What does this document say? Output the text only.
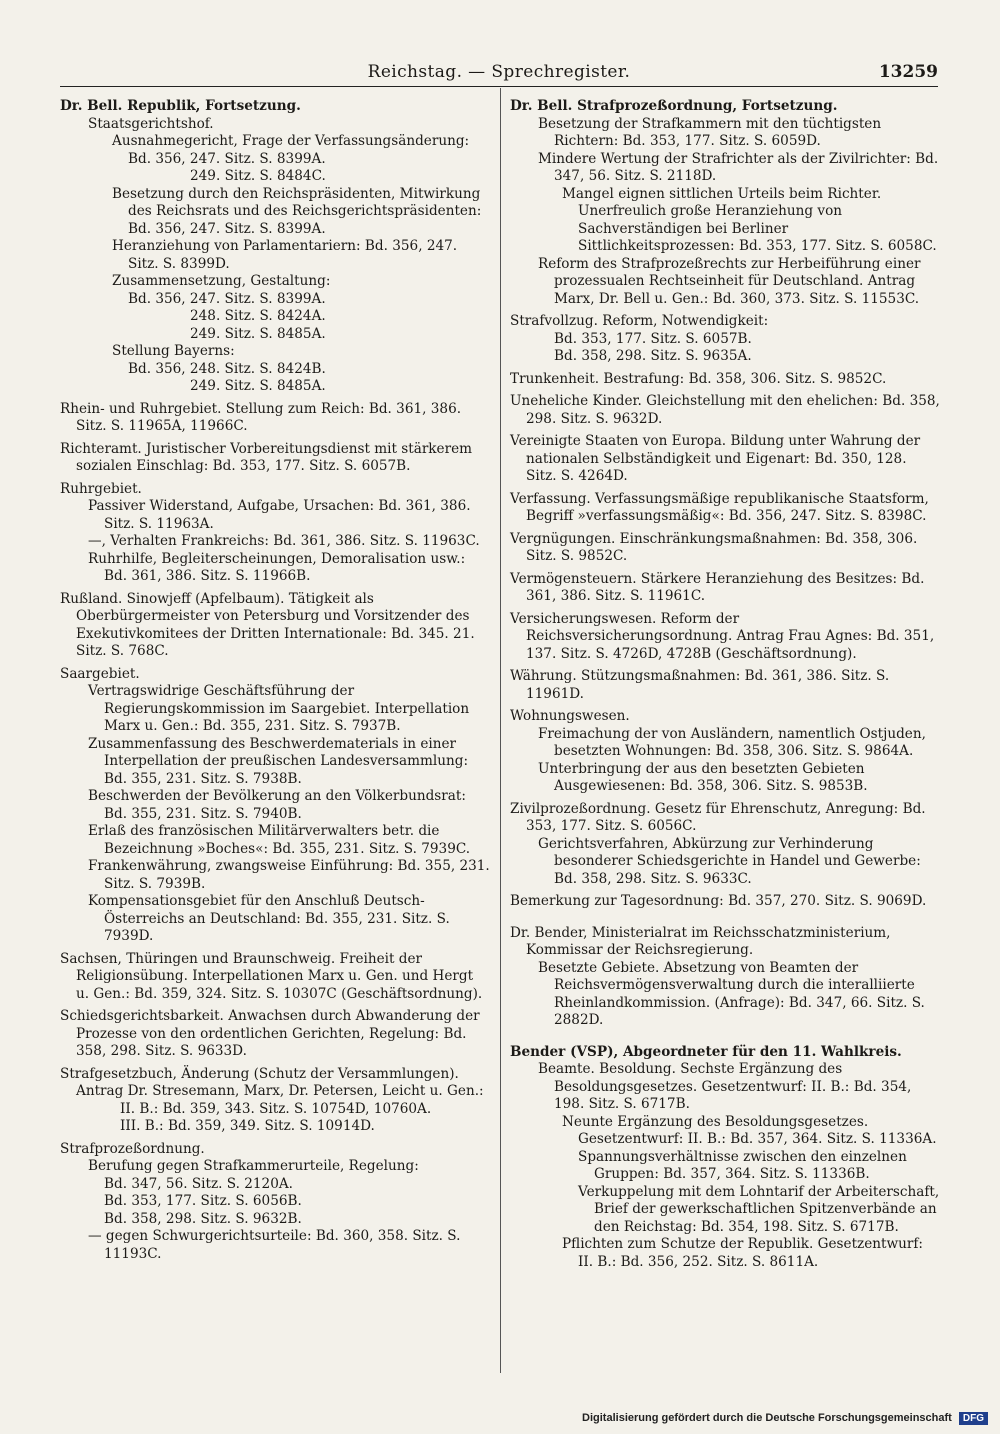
Reichstag. — Sprechregister.	13259

Dr. Bell. Republik, Fortsetzung.

Staatsgerichtshof.

Ausnahmegericht, Frage der Verfassungsänderung:

Bd. 356, 247. Sitz. S. 8399A.
249. Sitz. S. 8484C.

Besetzung durch den Reichspräsidenten, Mitwirkung des Reichsrats und des Reichsgerichtspräsidenten: Bd. 356, 247. Sitz. S. 8399A.

Heranziehung von Parlamentariern: Bd. 356, 247. Sitz. S. 8399D.

Zusammensetzung, Gestaltung:

Bd. 356, 247. Sitz. S. 8399A.
248. Sitz. S. 8424A.
249. Sitz. S. 8485A.

Stellung Bayerns:

Bd. 356, 248. Sitz. S. 8424B.
249. Sitz. S. 8485A.

Rhein- und Ruhrgebiet. Stellung zum Reich: Bd. 361, 386. Sitz. S. 11965A, 11966C.

Richteramt. Juristischer Vorbereitungsdienst mit stärkerem sozialen Einschlag: Bd. 353, 177. Sitz. S. 6057B.

Ruhrgebiet.

Passiver Widerstand, Aufgabe, Ursachen: Bd. 361, 386. Sitz. S. 11963A.

—, Verhalten Frankreichs: Bd. 361, 386. Sitz. S. 11963C.

Ruhrhilfe, Begleiterscheinungen, Demoralisation usw.: Bd. 361, 386. Sitz. S. 11966B.

Rußland. Sinowjeff (Apfelbaum). Tätigkeit als Oberbürgermeister von Petersburg und Vorsitzender des Exekutivkomitees der Dritten Internationale: Bd. 345. 21. Sitz. S. 768C.

Saargebiet.

Vertragswidrige Geschäftsführung der Regierungskommission im Saargebiet. Interpellation Marx u. Gen.: Bd. 355, 231. Sitz. S. 7937B.

Zusammenfassung des Beschwerdematerials in einer Interpellation der preußischen Landesversammlung: Bd. 355, 231. Sitz. S. 7938B.

Beschwerden der Bevölkerung an den Völkerbundsrat: Bd. 355, 231. Sitz. S. 7940B.

Erlaß des französischen Militärverwalters betr. die Bezeichnung »Boches«: Bd. 355, 231. Sitz. S. 7939C.

Frankenwährung, zwangsweise Einführung: Bd. 355, 231. Sitz. S. 7939B.

Kompensationsgebiet für den Anschluß Deutsch-Österreichs an Deutschland: Bd. 355, 231. Sitz. S. 7939D.

Sachsen, Thüringen und Braunschweig. Freiheit der Religionsübung. Interpellationen Marx u. Gen. und Hergt u. Gen.: Bd. 359, 324. Sitz. S. 10307C (Geschäftsordnung).

Schiedsgerichtsbarkeit. Anwachsen durch Abwanderung der Prozesse von den ordentlichen Gerichten, Regelung: Bd. 358, 298. Sitz. S. 9633D.

Strafgesetzbuch, Änderung (Schutz der Versammlungen). Antrag Dr. Stresemann, Marx, Dr. Petersen, Leicht u. Gen.:

II. B.: Bd. 359, 343. Sitz. S. 10754D, 10760A.
III. B.: Bd. 359, 349. Sitz. S. 10914D.

Strafprozeßordnung.

Berufung gegen Strafkammerurteile, Regelung:

Bd. 347, 56. Sitz. S. 2120A.
Bd. 353, 177. Sitz. S. 6056B.
Bd. 358, 298. Sitz. S. 9632B.

— gegen Schwurgerichtsurteile: Bd. 360, 358. Sitz. S. 11193C.

Dr. Bell. Strafprozeßordnung, Fortsetzung.

Besetzung der Strafkammern mit den tüchtigsten Richtern: Bd. 353, 177. Sitz. S. 6059D.

Mindere Wertung der Strafrichter als der Zivilrichter: Bd. 347, 56. Sitz. S. 2118D.

Mangel eignen sittlichen Urteils beim Richter. Unerfreulich große Heranziehung von Sachverständigen bei Berliner Sittlichkeitsprozessen: Bd. 353, 177. Sitz. S. 6058C.

Reform des Strafprozeßrechts zur Herbeiführung einer prozessualen Rechtseinheit für Deutschland. Antrag Marx, Dr. Bell u. Gen.: Bd. 360, 373. Sitz. S. 11553C.

Strafvollzug. Reform, Notwendigkeit:

Bd. 353, 177. Sitz. S. 6057B.
Bd. 358, 298. Sitz. S. 9635A.

Trunkenheit. Bestrafung: Bd. 358, 306. Sitz. S. 9852C.

Uneheliche Kinder. Gleichstellung mit den ehelichen: Bd. 358, 298. Sitz. S. 9632D.

Vereinigte Staaten von Europa. Bildung unter Wahrung der nationalen Selbständigkeit und Eigenart: Bd. 350, 128. Sitz. S. 4264D.

Verfassung. Verfassungsmäßige republikanische Staatsform, Begriff »verfassungsmäßig«: Bd. 356, 247. Sitz. S. 8398C.

Vergnügungen. Einschränkungsmaßnahmen: Bd. 358, 306. Sitz. S. 9852C.

Vermögensteuern. Stärkere Heranziehung des Besitzes: Bd. 361, 386. Sitz. S. 11961C.

Versicherungswesen. Reform der Reichsversicherungsordnung. Antrag Frau Agnes: Bd. 351, 137. Sitz. S. 4726D, 4728B (Geschäftsordnung).

Währung. Stützungsmaßnahmen: Bd. 361, 386. Sitz. S. 11961D.

Wohnungswesen.

Freimachung der von Ausländern, namentlich Ostjuden, besetzten Wohnungen: Bd. 358, 306. Sitz. S. 9864A.

Unterbringung der aus den besetzten Gebieten Ausgewiesenen: Bd. 358, 306. Sitz. S. 9853B.

Zivilprozeßordnung. Gesetz für Ehrenschutz, Anregung: Bd. 353, 177. Sitz. S. 6056C.

Gerichtsverfahren, Abkürzung zur Verhinderung besonderer Schiedsgerichte in Handel und Gewerbe: Bd. 358, 298. Sitz. S. 9633C.

Bemerkung zur Tagesordnung: Bd. 357, 270. Sitz. S. 9069D.

Dr. Bender, Ministerialrat im Reichsschatzministerium, Kommissar der Reichsregierung.

Besetzte Gebiete. Absetzung von Beamten der Reichsvermögensverwaltung durch die interalliierte Rheinlandkommission. (Anfrage): Bd. 347, 66. Sitz. S. 2882D.

Bender (VSP), Abgeordneter für den 11. Wahlkreis.

Beamte. Besoldung. Sechste Ergänzung des Besoldungsgesetzes. Gesetzentwurf: II. B.: Bd. 354, 198. Sitz. S. 6717B.

Neunte Ergänzung des Besoldungsgesetzes. Gesetzentwurf: II. B.: Bd. 357, 364. Sitz. S. 11336A.

Spannungsverhältnisse zwischen den einzelnen Gruppen: Bd. 357, 364. Sitz. S. 11336B.

Verkuppelung mit dem Lohntarif der Arbeiterschaft, Brief der gewerkschaftlichen Spitzenverbände an den Reichstag: Bd. 354, 198. Sitz. S. 6717B.

Pflichten zum Schutze der Republik. Gesetzentwurf: II. B.: Bd. 356, 252. Sitz. S. 8611A.

Digitalisierung gefördert durch die Deutsche Forschungsgemeinschaft DFG
